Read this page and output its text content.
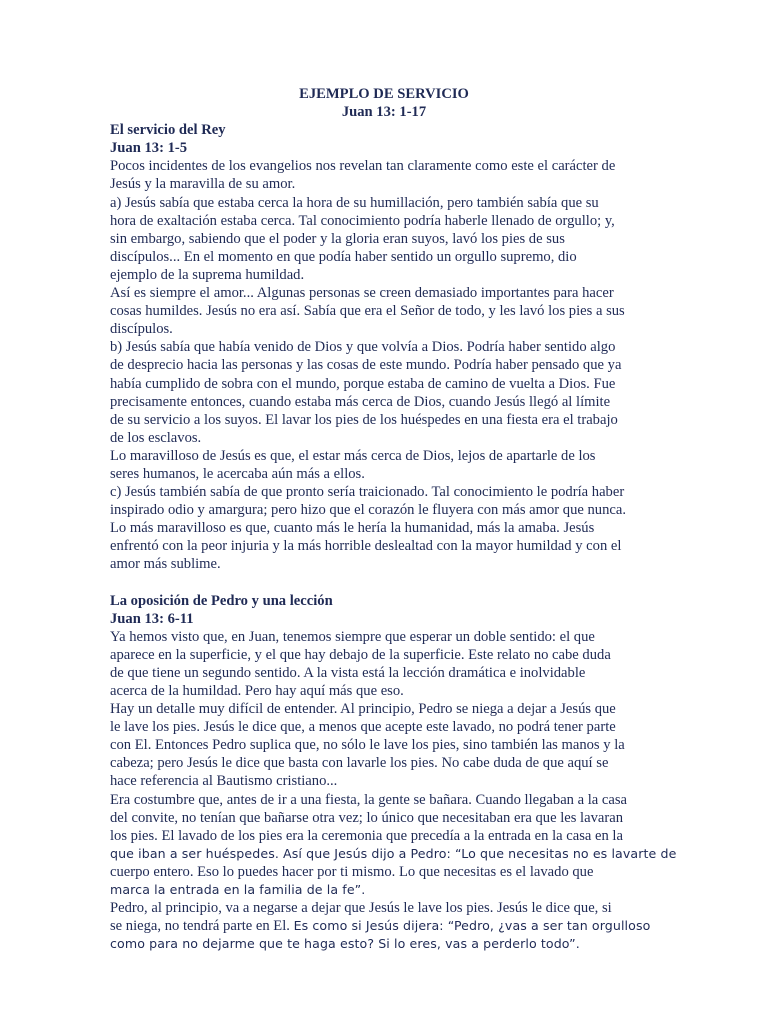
EJEMPLO DE SERVICIO

Juan 13: 1-17

El servicio del Rey

Juan 13: 1-5

Pocos incidentes de los evangelios nos revelan tan claramente como este el carácter de

Jesús y la maravilla de su amor.

a) Jesús sabía que estaba cerca la hora de su humillación, pero también sabía que su

hora de exaltación estaba cerca. Tal conocimiento podría haberle llenado de orgullo; y,

sin embargo, sabiendo que el poder y la gloria eran suyos, lavó los pies de sus

discípulos... En el momento en que podía haber sentido un orgullo supremo, dio

ejemplo de la suprema humildad.

Así es siempre el amor... Algunas personas se creen demasiado importantes para hacer

cosas humildes. Jesús no era así. Sabía que era el Señor de todo, y les lavó los pies a sus

discípulos.

b) Jesús sabía que había venido de Dios y que volvía a Dios. Podría haber sentido algo

de desprecio hacia las personas y las cosas de este mundo. Podría haber pensado que ya

había cumplido de sobra con el mundo, porque estaba de camino de vuelta a Dios. Fue

precisamente entonces, cuando estaba más cerca de Dios, cuando Jesús llegó al límite

de su servicio a los suyos. El lavar los pies de los huéspedes en una fiesta era el trabajo

de los esclavos.

Lo maravilloso de Jesús es que, el estar más cerca de Dios, lejos de apartarle de los

seres humanos, le acercaba aún más a ellos.

c) Jesús también sabía de que pronto sería traicionado. Tal conocimiento le podría haber

inspirado odio y amargura; pero hizo que el corazón le fluyera con más amor que nunca.

Lo más maravilloso es que, cuanto más le hería la humanidad, más la amaba. Jesús

enfrentó con la peor injuria y la más horrible deslealtad con la mayor humildad y con el

amor más sublime.

La oposición de Pedro y una lección

Juan 13: 6-11

Ya hemos visto que, en Juan, tenemos siempre que esperar un doble sentido: el que

aparece en la superficie, y el que hay debajo de la superficie. Este relato no cabe duda

de que tiene un segundo sentido. A la vista está la lección dramática e inolvidable

acerca de la humildad. Pero hay aquí más que eso.

Hay un detalle muy difícil de entender. Al principio, Pedro se niega a dejar a Jesús que

le lave los pies. Jesús le dice que, a menos que acepte este lavado, no podrá tener parte

con El. Entonces Pedro suplica que, no sólo le lave los pies, sino también las manos y la

cabeza; pero Jesús le dice que basta con lavarle los pies. No cabe duda de que aquí se

hace referencia al Bautismo cristiano...

Era costumbre que, antes de ir a una fiesta, la gente se bañara. Cuando llegaban a la casa

del convite, no tenían que bañarse otra vez; lo único que necesitaban era que les lavaran

los pies. El lavado de los pies era la ceremonia que precedía a la entrada en la casa en la

que iban a ser huéspedes. Así que Jesús dijo a Pedro: “Lo que necesitas no es lavarte de

cuerpo entero. Eso lo puedes hacer por ti mismo. Lo que necesitas es el lavado que

marca la entrada en la familia de la fe”.

Pedro, al principio, va a negarse a dejar que Jesús le lave los pies. Jesús le dice que, si

se niega, no tendrá parte en El. Es como si Jesús dijera: “Pedro, ¿vas a ser tan orgulloso

como para no dejarme que te haga esto? Si lo eres, vas a perderlo todo”.
